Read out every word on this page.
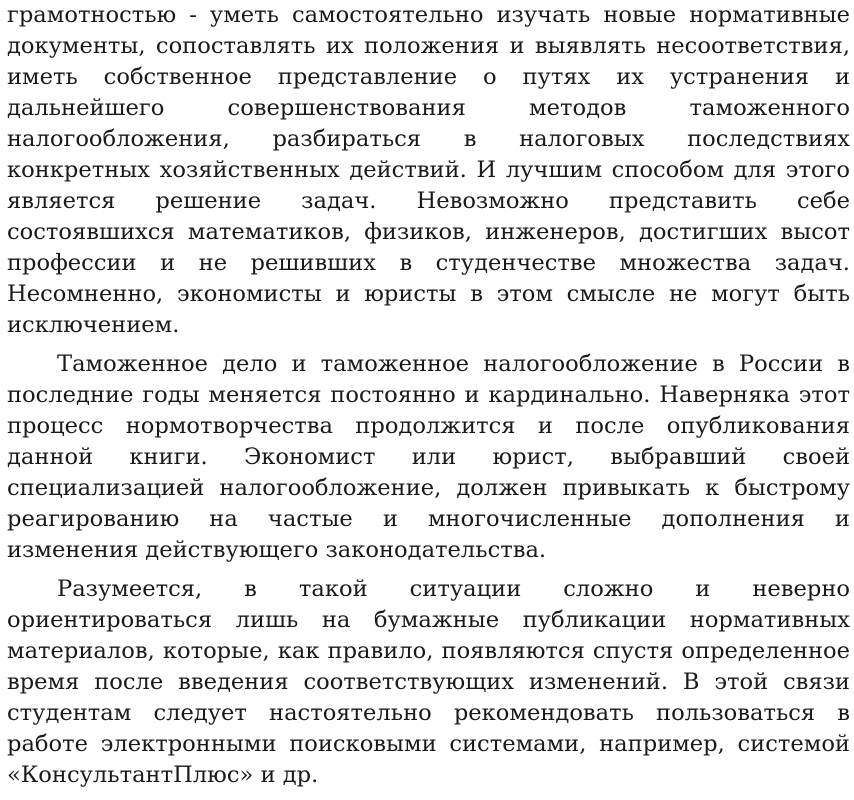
грамотностью - уметь самостоятельно изучать новые нормативные документы, сопоставлять их положения и выявлять несоответствия, иметь собственное представление о путях их устранения и дальнейшего совершенствования методов таможенного налогообложения, разбираться в налоговых последствиях конкретных хозяйственных действий. И лучшим способом для этого является решение задач. Невозможно представить себе состоявшихся математиков, физиков, инженеров, достигших высот профессии и не решивших в студенчестве множества задач. Несомненно, экономисты и юристы в этом смысле не могут быть исключением.

Таможенное дело и таможенное налогообложение в России в последние годы меняется постоянно и кардинально. Наверняка этот процесс нормотворчества продолжится и после опубликования данной книги. Экономист или юрист, выбравший своей специализацией налогообложение, должен привыкать к быстрому реагированию на частые и многочисленные дополнения и изменения действующего законодательства.

Разумеется, в такой ситуации сложно и неверно ориентироваться лишь на бумажные публикации нормативных материалов, которые, как правило, появляются спустя определенное время после введения соответствующих изменений. В этой связи студентам следует настоятельно рекомендовать пользоваться в работе электронными поисковыми системами, например, системой «КонсультантПлюс» и др.
